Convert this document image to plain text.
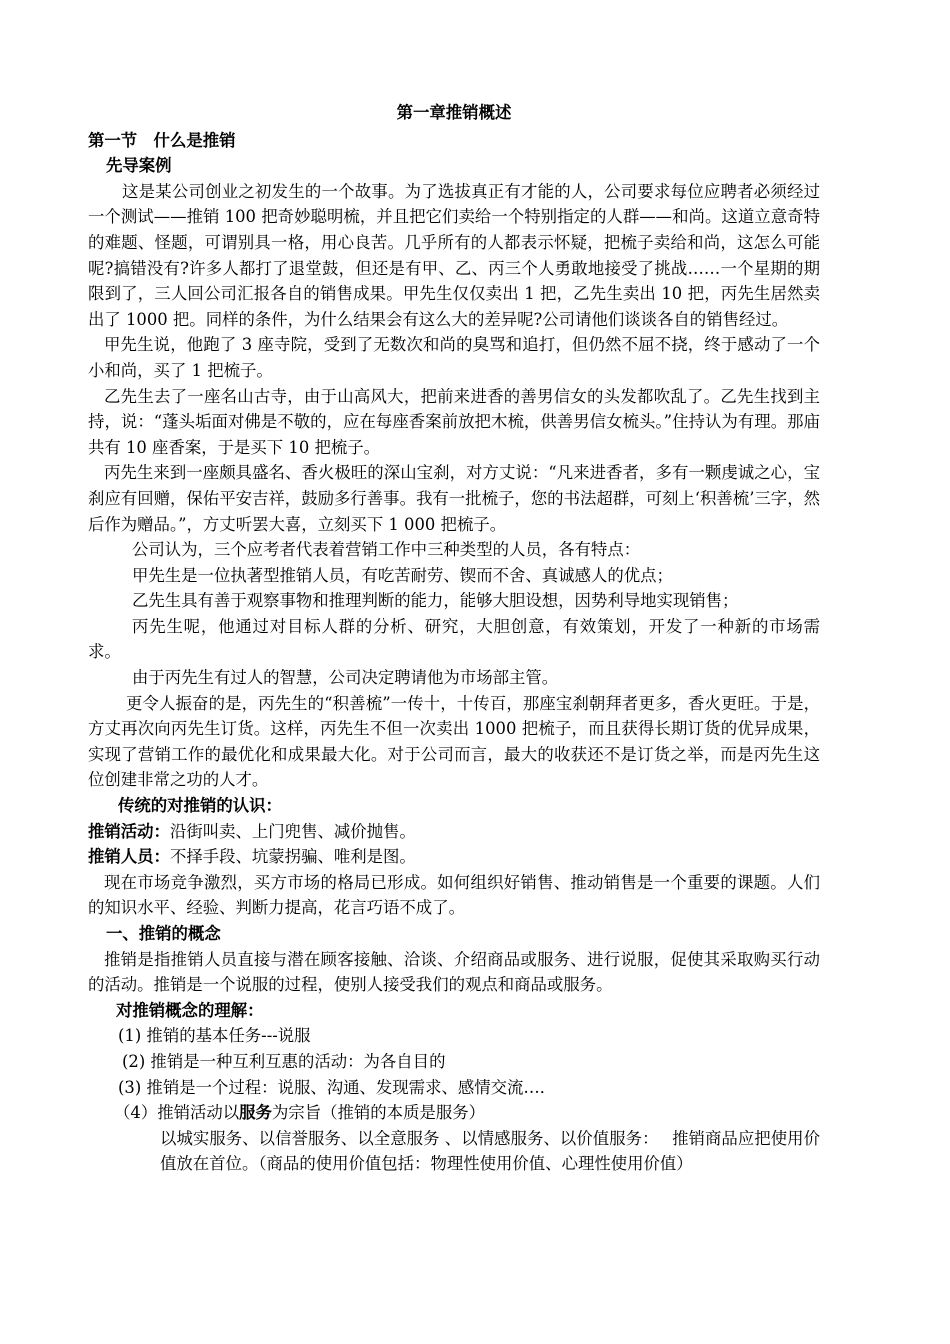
第一章推销概述

第一节　什么是推销

先导案例

这是某公司创业之初发生的一个故事。为了选拔真正有才能的人，公司要求每位应聘者必须经过一个测试——推销 100 把奇妙聪明梳，并且把它们卖给一个特别指定的人群——和尚。这道立意奇特的难题、怪题，可谓别具一格，用心良苦。几乎所有的人都表示怀疑，把梳子卖给和尚，这怎么可能呢?搞错没有?许多人都打了退堂鼓，但还是有甲、乙、丙三个人勇敢地接受了挑战……一个星期的期限到了，三人回公司汇报各自的销售成果。甲先生仅仅卖出 1 把，乙先生卖出 10 把，丙先生居然卖出了 1000 把。同样的条件，为什么结果会有这么大的差异呢?公司请他们谈谈各自的销售经过。

甲先生说，他跑了 3 座寺院，受到了无数次和尚的臭骂和追打，但仍然不屈不挠，终于感动了一个小和尚，买了 1 把梳子。

乙先生去了一座名山古寺，由于山高风大，把前来进香的善男信女的头发都吹乱了。乙先生找到主持，说：“蓬头垢面对佛是不敬的，应在每座香案前放把木梳，供善男信女梳头。”住持认为有理。那庙共有 10 座香案，于是买下 10 把梳子。

丙先生来到一座颇具盛名、香火极旺的深山宝刹，对方丈说：“凡来进香者，多有一颗虔诚之心，宝刹应有回赠，保佑平安吉祥，鼓励多行善事。我有一批梳子，您的书法超群，可刻上‘积善梳’三字，然后作为赠品。”，方丈听罢大喜，立刻买下 1 000 把梳子。

公司认为，三个应考者代表着营销工作中三种类型的人员，各有特点：

甲先生是一位执著型推销人员，有吃苦耐劳、锲而不舍、真诚感人的优点；

乙先生具有善于观察事物和推理判断的能力，能够大胆设想，因势利导地实现销售；

丙先生呢，他通过对目标人群的分析、研究，大胆创意，有效策划，开发了一种新的市场需求。

由于丙先生有过人的智慧，公司决定聘请他为市场部主管。

更令人振奋的是，丙先生的“积善梳”一传十，十传百，那座宝刹朝拜者更多，香火更旺。于是，方丈再次向丙先生订货。这样，丙先生不但一次卖出 1000 把梳子，而且获得长期订货的优异成果，实现了营销工作的最优化和成果最大化。对于公司而言，最大的收获还不是订货之举，而是丙先生这位创建非常之功的人才。

传统的对推销的认识：

推销活动：沿街叫卖、上门兜售、减价抛售。

推销人员：不择手段、坑蒙拐骗、唯利是图。

现在市场竞争激烈，买方市场的格局已形成。如何组织好销售、推动销售是一个重要的课题。人们的知识水平、经验、判断力提高，花言巧语不成了。

一、推销的概念

推销是指推销人员直接与潜在顾客接触、洽谈、介绍商品或服务、进行说服，促使其采取购买行动的活动。推销是一个说服的过程，使别人接受我们的观点和商品或服务。

对推销概念的理解：

(1) 推销的基本任务---说服

(2) 推销是一种互利互惠的活动：为各自目的

(3) 推销是一个过程：说服、沟通、发现需求、感情交流…．

（4）推销活动以服务为宗旨（推销的本质是服务）

以城实服务、以信誉服务、以全意服务 、以情感服务、以价值服务：　 推销商品应把使用价值放在首位。（商品的使用价值包括：物理性使用价值、心理性使用价值）
